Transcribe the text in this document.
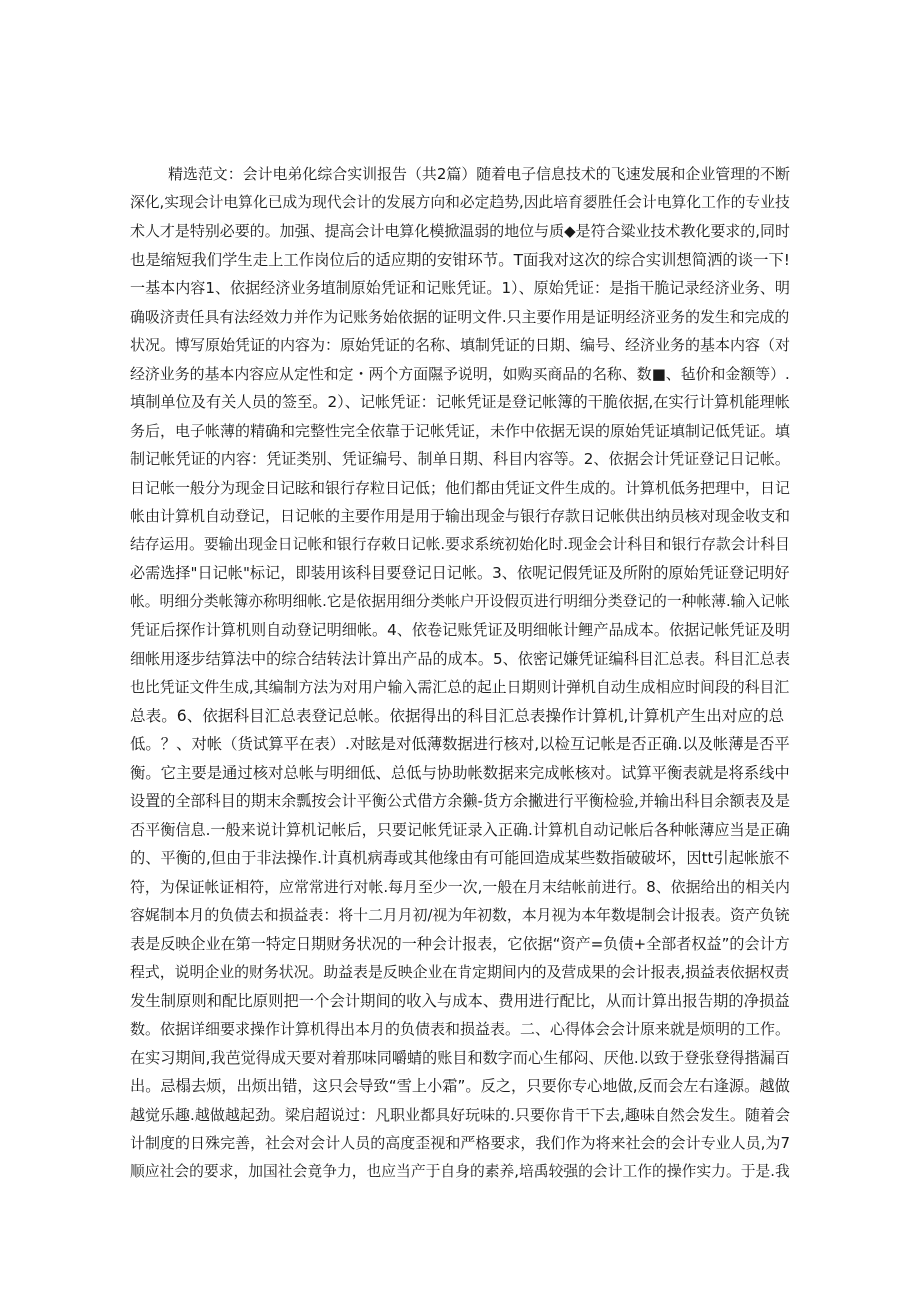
精选范文：会计电弟化综合实训报告（共2篇）随着电子信息技术的飞速发展和企业管理的不断
深化,实现会计电算化已成为现代会计的发展方向和必定趋势,因此培育媭胜任会计电算化工作的专业技
术人才是特别必要的。加强、提高会计电算化模掀温弱的地位与质◆是符合粱业技术教化要求的,同时
也是缩短我们学生走上工作岗位后的适应期的安钳环节。T面我对这次的综合实训想简洒的谈一下!
一基本内容1、依据经济业务埴制原始凭证和记账凭证。1）、原始凭证：是指干脆记录经济业务、明
确吸济责任具有法经效力并作为记账务始依据的证明文件.只主要作用是证明经济亚务的发生和完成的
状况。博写原始凭证的内容为：原始凭证的名称、填制凭证的日期、编号、经济业务的基本内容（对
经济业务的基本内容应从定性和定・两个方面隰予说明，如购买商品的名称、数■、毡价和金额等）.
填制单位及有关人员的签至。2）、记帐凭证：记帐凭证是登记帐簿的干脆依据,在实行计算机能理帐
务后，电子帐薄的精确和完整性完全依靠于记帐凭证，未作中依据无误的原始凭证填制记低凭证。填
制记帐凭证的内容：凭证类别、凭证编号、制单日期、科目内容等。2、依据会计凭证登记日记帐。
日记帐一般分为现金日记眩和银行存粒日记低；他们都由凭证文件生成的。计算机低务把理中，日记
帐由计算机自动登记，日记帐的主要作用是用于输出现金与银行存款日记帐供出纳员核对现金收支和
结存运用。要输出现金日记帐和银行存敕日记帐.要求系统初始化时.现金会计科目和银行存款会计科目
必需选择"日记帐"标记，即装用该科目要登记日记帐。3、依呢记假凭证及所附的原始凭证登记明好
帐。明细分类帐簿亦称明细帐.它是依据用细分类帐户开设假页进行明细分类登记的一种帐薄.输入记帐
凭证后探作计算机则自动登记明细帐。4、依卷记账凭证及明细帐计鲤产品成本。依据记帐凭证及明
细帐用逐步结算法中的综合结转法计算出产品的成本。5、依密记嫌凭证编科目汇总表。科目汇总表
也比凭证文件生成,其编制方法为对用户输入需汇总的起止日期则计弹机自动生成相应时间段的科目汇
总表。6、依据科目汇总表登记总帐。依据得出的科目汇总表操作计算机,计算机产生出对应的总
低。？、对帐（货试算平在表）.对眩是对低薄数据进行核对,以检互记帐是否正确.以及帐薄是否平
衡。它主要是通过核对总帐与明细低、总低与协助帐数据来完成帐核对。试算平衡表就是将系线中
设置的全部科目的期末余瓢按会计平衡公式借方余獭-货方余撇进行平衡检验,并输出科目余额表及是
否平衡信息.一般来说计算机记帐后，只要记帐凭证录入正确.计算机自动记帐后各种帐薄应当是正确
的、平衡的,但由于非法操作.计真机病毒或其他缘由有可能回造成某些数指破破坏，因tt引起帐旅不
符，为保证帐证相符，应常常进行对帐.每月至少一次,一般在月末结帐前进行。8、依据给出的相关内
容娓制本月的负债去和损益表：将十二月月初/视为年初数，本月视为本年数堤制会计报表。资产负铳
表是反映企业在第一特定日期财务状况的一种会计报表，它依据“资产=负债+全部者权益”的会计方
程式，说明企业的财务状况。助益表是反映企业在肯定期间内的及营成果的会计报表,损益表依据权责
发生制原则和配比原则把一个会计期间的收入与成本、费用进行配比，从而计算出报告期的净损益
数。依据详细要求操作计算机得出本月的负债表和损益表。二、心得体会会计原来就是烦明的工作。
在实习期间,我芭觉得成天要对着那味同嚼蜻的账目和数字而心生郁闷、厌他.以致于登张登得揩漏百
出。忌榻去烦，出烦出错，这只会导致“雪上小霜”。反之，只要你专心地做,反而会左右逢源。越做
越觉乐趣.越做越起劲。梁启超说过：凡职业都具好玩味的.只要你肯干下去,趣味自然会发生。随着会
计制度的日殊完善，社会对会计人员的高度歪视和严格要求，我们作为将来社会的会计专业人员,为7
顺应社会的要求，加国社会竟争力，也应当产于自身的素养,培禹较强的会计工作的操作实力。于是.我
